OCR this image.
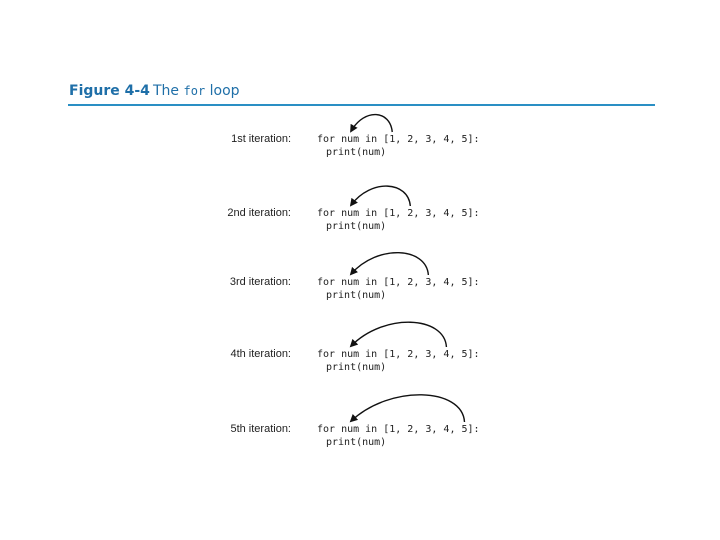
Figure 4-4 The for loop
1st iteration:	for num in [1, 2, 3, 4, 5]:
print(num)
2nd iteration:	for num in [1, 2, 3, 4, 5]:
print(num)
3rd iteration:	for num in [1, 2, 3, 4, 5]:
print(num)
4th iteration:	for num in [1, 2, 3, 4, 5]:
print(num)
5th iteration:	for num in [1, 2, 3, 4, 5]:
print(num)
